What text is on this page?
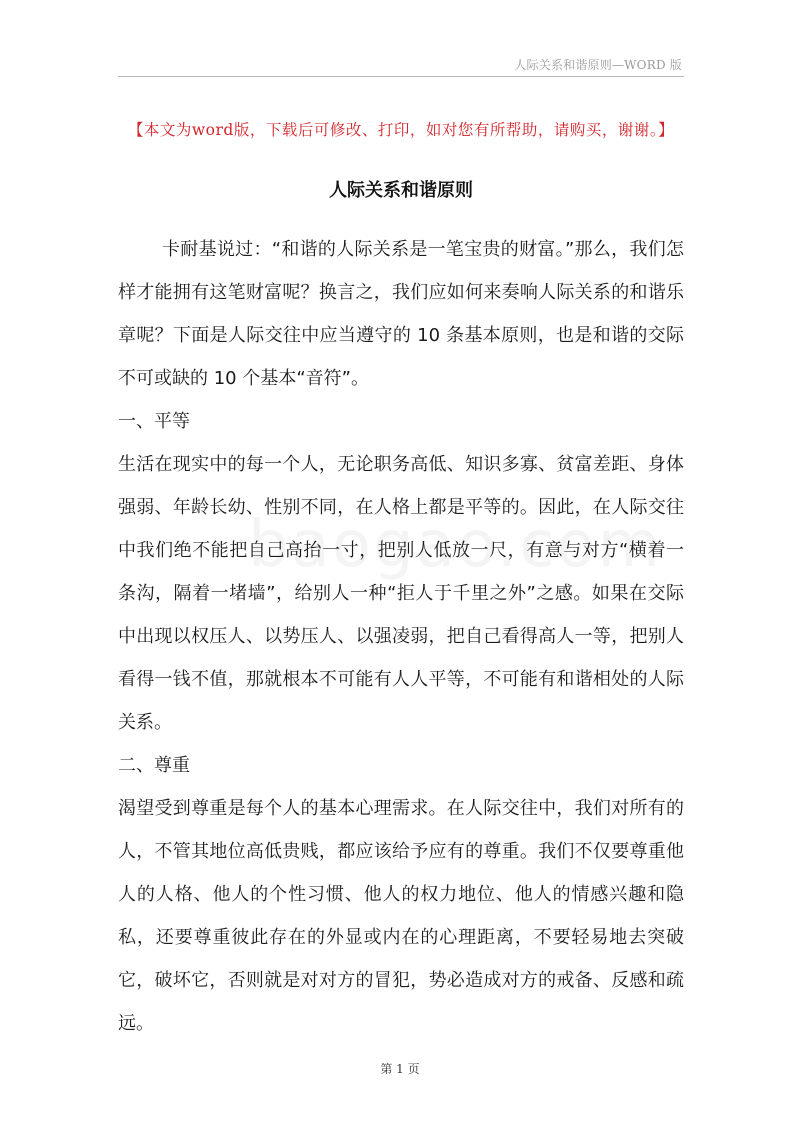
人际关系和谐原则—WORD 版
【本文为word版，下载后可修改、打印，如对您有所帮助，请购买，谢谢。】
人际关系和谐原则

卡耐基说过：“和谐的人际关系是一笔宝贵的财富。”那么，我们怎样才能拥有这笔财富呢？换言之，我们应如何来奏响人际关系的和谐乐章呢？下面是人际交往中应当遵守的 10 条基本原则，也是和谐的交际不可或缺的 10 个基本“音符”。

一、平等

生活在现实中的每一个人，无论职务高低、知识多寡、贫富差距、身体强弱、年龄长幼、性别不同，在人格上都是平等的。因此，在人际交往中我们绝不能把自己高抬一寸，把别人低放一尺，有意与对方“横着一条沟，隔着一堵墙”，给别人一种“拒人于千里之外”之感。如果在交际中出现以权压人、以势压人、以强凌弱，把自己看得高人一等，把别人看得一钱不值，那就根本不可能有人人平等，不可能有和谐相处的人际关系。

二、尊重

渴望受到尊重是每个人的基本心理需求。在人际交往中，我们对所有的人，不管其地位高低贵贱，都应该给予应有的尊重。我们不仅要尊重他人的人格、他人的个性习惯、他人的权力地位、他人的情感兴趣和隐私，还要尊重彼此存在的外显或内在的心理距离，不要轻易地去突破它，破坏它，否则就是对对方的冒犯，势必造成对方的戒备、反感和疏远。

第 1 页
